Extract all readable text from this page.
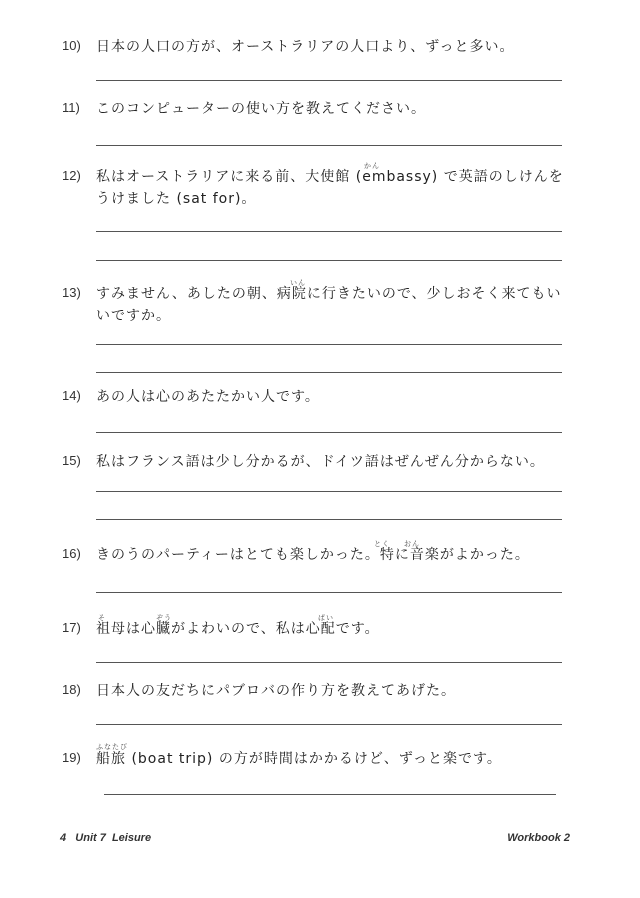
10) 日本の人口の方が、オーストラリアの人口より、ずっと多い。
11) このコンピューターの使い方を教えてください。
かん
12) 私はオーストラリアに来る前、大使館 (embassy) で英語のしけんをうけました (sat for)。
いん
13) すみません、あしたの朝、病院に行きたいので、少しおそく来てもいいですか。
14) あの人は心のあたたかい人です。
15) 私はフランス語は少し分かるが、ドイツ語はぜんぜん分からない。
とく おん
16) きのうのパーティーはとても楽しかった。特に音楽がよかった。
そ	ぞう	ぱい
17) 祖母は心臓がよわいので、私は心配です。
18) 日本人の友だちにパブロバの作り方を教えてあげた。
ふなたび
19) 船旅 (boat trip) の方が時間はかかるけど、ずっと楽です。
4   Unit 7  Leisure	Workbook 2
